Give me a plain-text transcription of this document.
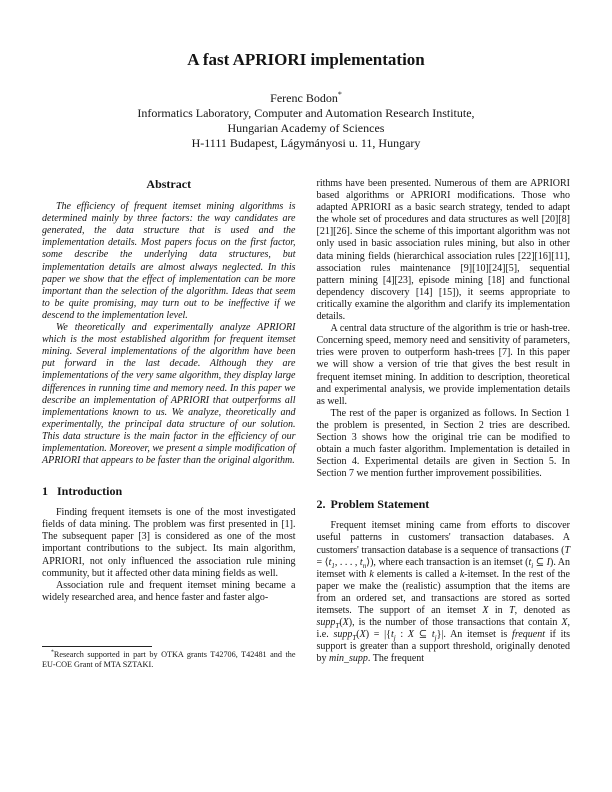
A fast APRIORI implementation
Ferenc Bodon*
Informatics Laboratory, Computer and Automation Research Institute,
Hungarian Academy of Sciences
H-1111 Budapest, Lágymányosi u. 11, Hungary
Abstract

The efficiency of frequent itemset mining algorithms is determined mainly by three factors: the way candidates are generated, the data structure that is used and the implementation details. Most papers focus on the first factor, some describe the underlying data structures, but implementation details are almost always neglected. In this paper we show that the effect of implementation can be more important than the selection of the algorithm. Ideas that seem to be quite promising, may turn out to be ineffective if we descend to the implementation level.

We theoretically and experimentally analyze APRIORI which is the most established algorithm for frequent itemset mining. Several implementations of the algorithm have been put forward in the last decade. Although they are implementations of the very same algorithm, they display large differences in running time and memory need. In this paper we describe an implementation of APRIORI that outperforms all implementations known to us. We analyze, theoretically and experimentally, the principal data structure of our solution. This data structure is the main factor in the efficiency of our implementation. Moreover, we present a simple modification of APRIORI that appears to be faster than the original algorithm.

1 Introduction

Finding frequent itemsets is one of the most investigated fields of data mining. The problem was first presented in [1]. The subsequent paper [3] is considered as one of the most important contributions to the subject. Its main algorithm, APRIORI, not only influenced the association rule mining community, but it affected other data mining fields as well.

Association rule and frequent itemset mining became a widely researched area, and hence faster and faster algo-

*Research supported in part by OTKA grants T42706, T42481 and the EU-COE Grant of MTA SZTAKI.

rithms have been presented. Numerous of them are APRIORI based algorithms or APRIORI modifications. Those who adapted APRIORI as a basic search strategy, tended to adapt the whole set of procedures and data structures as well [20][8][21][26]. Since the scheme of this important algorithm was not only used in basic association rules mining, but also in other data mining fields (hierarchical association rules [22][16][11], association rules maintenance [9][10][24][5], sequential pattern mining [4][23], episode mining [18] and functional dependency discovery [14] [15]), it seems appropriate to critically examine the algorithm and clarify its implementation details.

A central data structure of the algorithm is trie or hash-tree. Concerning speed, memory need and sensitivity of parameters, tries were proven to outperform hash-trees [7]. In this paper we will show a version of trie that gives the best result in frequent itemset mining. In addition to description, theoretical and experimental analysis, we provide implementation details as well.

The rest of the paper is organized as follows. In Section 1 the problem is presented, in Section 2 tries are described. Section 3 shows how the original trie can be modified to obtain a much faster algorithm. Implementation is detailed in Section 4. Experimental details are given in Section 5. In Section 7 we mention further improvement possibilities.

2. Problem Statement

Frequent itemset mining came from efforts to discover useful patterns in customers' transaction databases. A customers' transaction database is a sequence of transactions ($T = ⟨t_1$, . . . , $t_n⟩$), where each transaction is an itemset ($t_i$ ⊆ I). An itemset with k elements is called a k-itemset. In the rest of the paper we make the (realistic) assumption that the items are from an ordered set, and transactions are stored as sorted itemsets. The support of an itemset X in T, denoted as supp$_T$(X), is the number of those transactions that contain X, i.e. supp$_T$(X) = $|\{t_j$ : X ⊆ $t_j\}|$. An itemset is frequent if its support is greater than a support threshold, originally denoted by min_supp. The frequent
